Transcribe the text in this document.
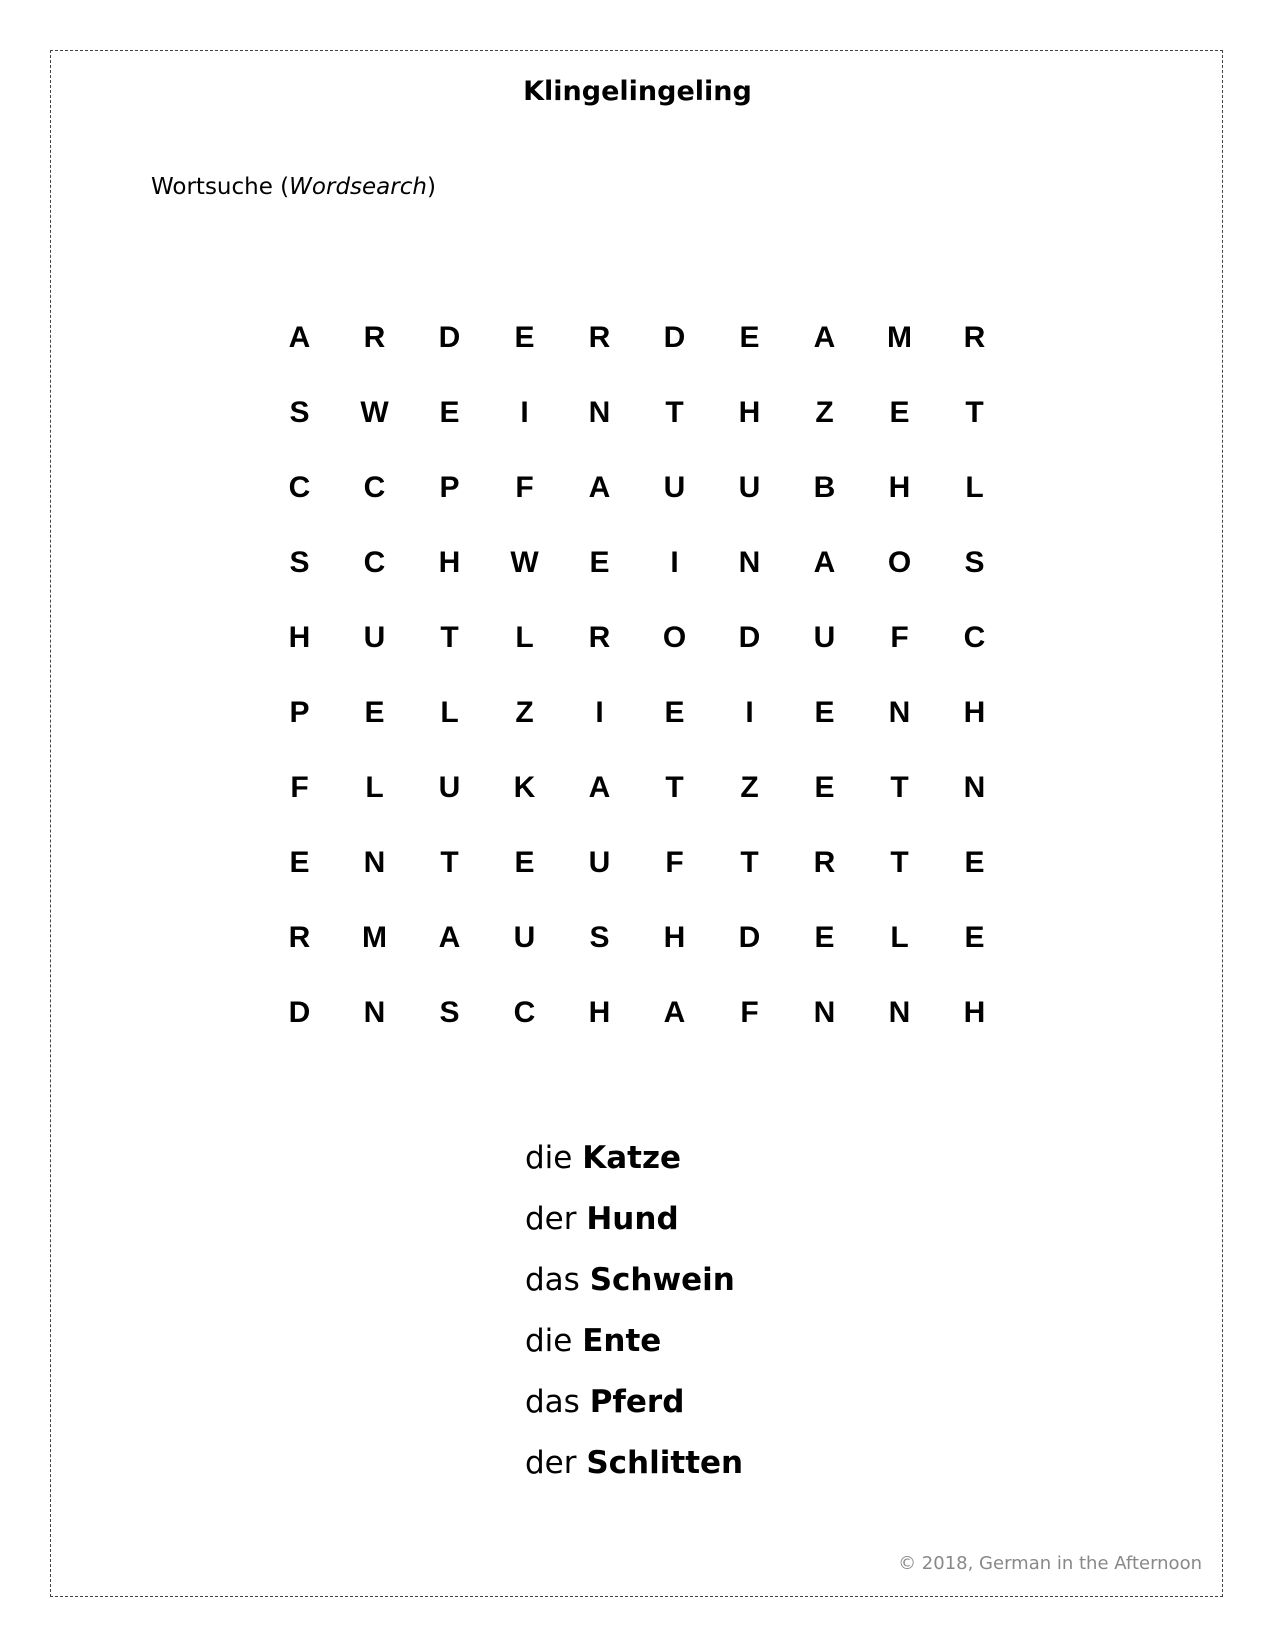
Klingelingeling
Wortsuche (Wordsearch)
A	R	D	E	R	D	E	A	M	R
S	W	E	I	N	T	H	Z	E	T
C	C	P	F	A	U	U	B	H	L
S	C	H	W	E	I	N	A	O	S
H	U	T	L	R	O	D	U	F	C
P	E	L	Z	I	E	I	E	N	H
F	L	U	K	A	T	Z	E	T	N
E	N	T	E	U	F	T	R	T	E
R	M	A	U	S	H	D	E	L	E
D	N	S	C	H	A	F	N	N	H
die Katze
der Hund
das Schwein
die Ente
das Pferd
der Schlitten
© 2018, German in the Afternoon
